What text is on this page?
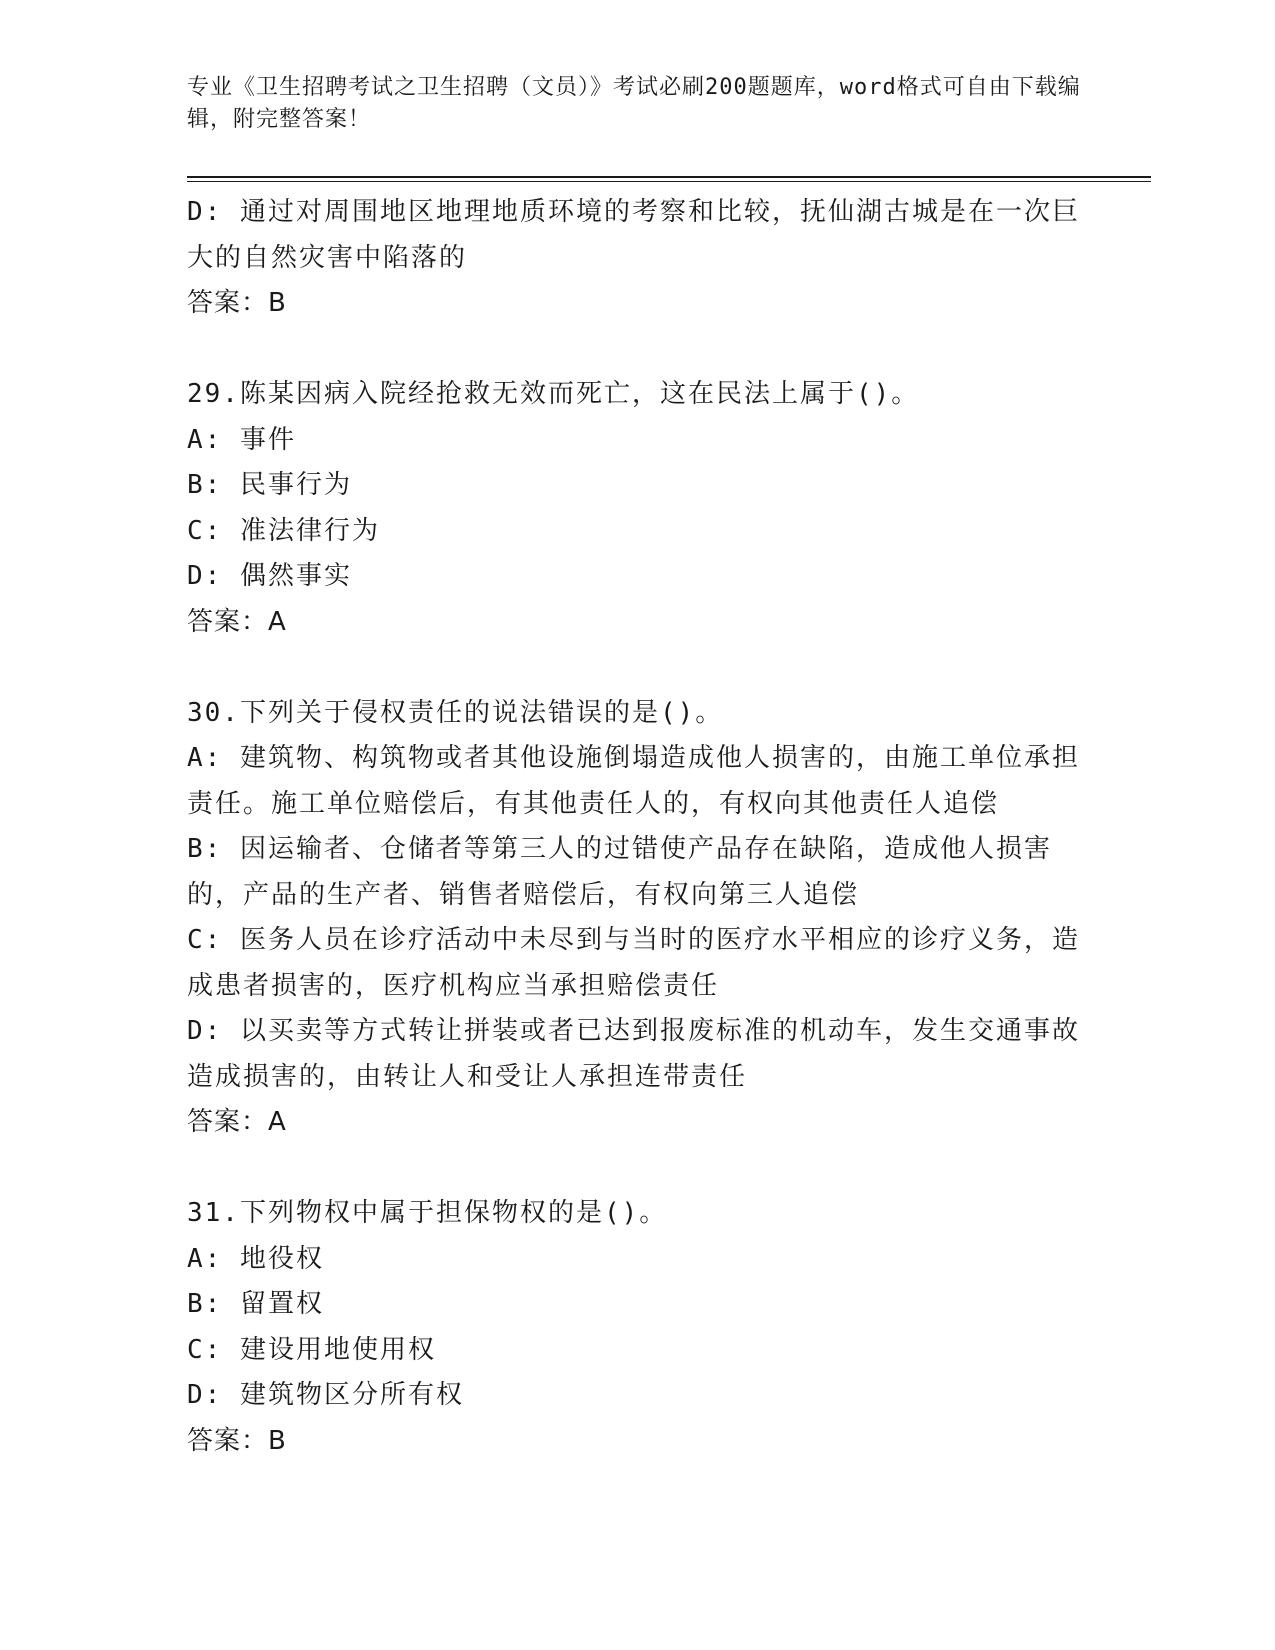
专业《卫生招聘考试之卫生招聘（文员）》考试必刷200题题库，word格式可自由下载编辑，附完整答案！
D: 通过对周围地区地理地质环境的考察和比较，抚仙湖古城是在一次巨大的自然灾害中陷落的
答案：B
29.陈某因病入院经抢救无效而死亡，这在民法上属于()。
A: 事件
B: 民事行为
C: 准法律行为
D: 偶然事实
答案：A
30.下列关于侵权责任的说法错误的是()。
A: 建筑物、构筑物或者其他设施倒塌造成他人损害的，由施工单位承担责任。施工单位赔偿后，有其他责任人的，有权向其他责任人追偿
B: 因运输者、仓储者等第三人的过错使产品存在缺陷，造成他人损害的，产品的生产者、销售者赔偿后，有权向第三人追偿
C: 医务人员在诊疗活动中未尽到与当时的医疗水平相应的诊疗义务，造成患者损害的，医疗机构应当承担赔偿责任
D: 以买卖等方式转让拼装或者已达到报废标准的机动车，发生交通事故造成损害的，由转让人和受让人承担连带责任
答案：A
31.下列物权中属于担保物权的是()。
A: 地役权
B: 留置权
C: 建设用地使用权
D: 建筑物区分所有权
答案：B
